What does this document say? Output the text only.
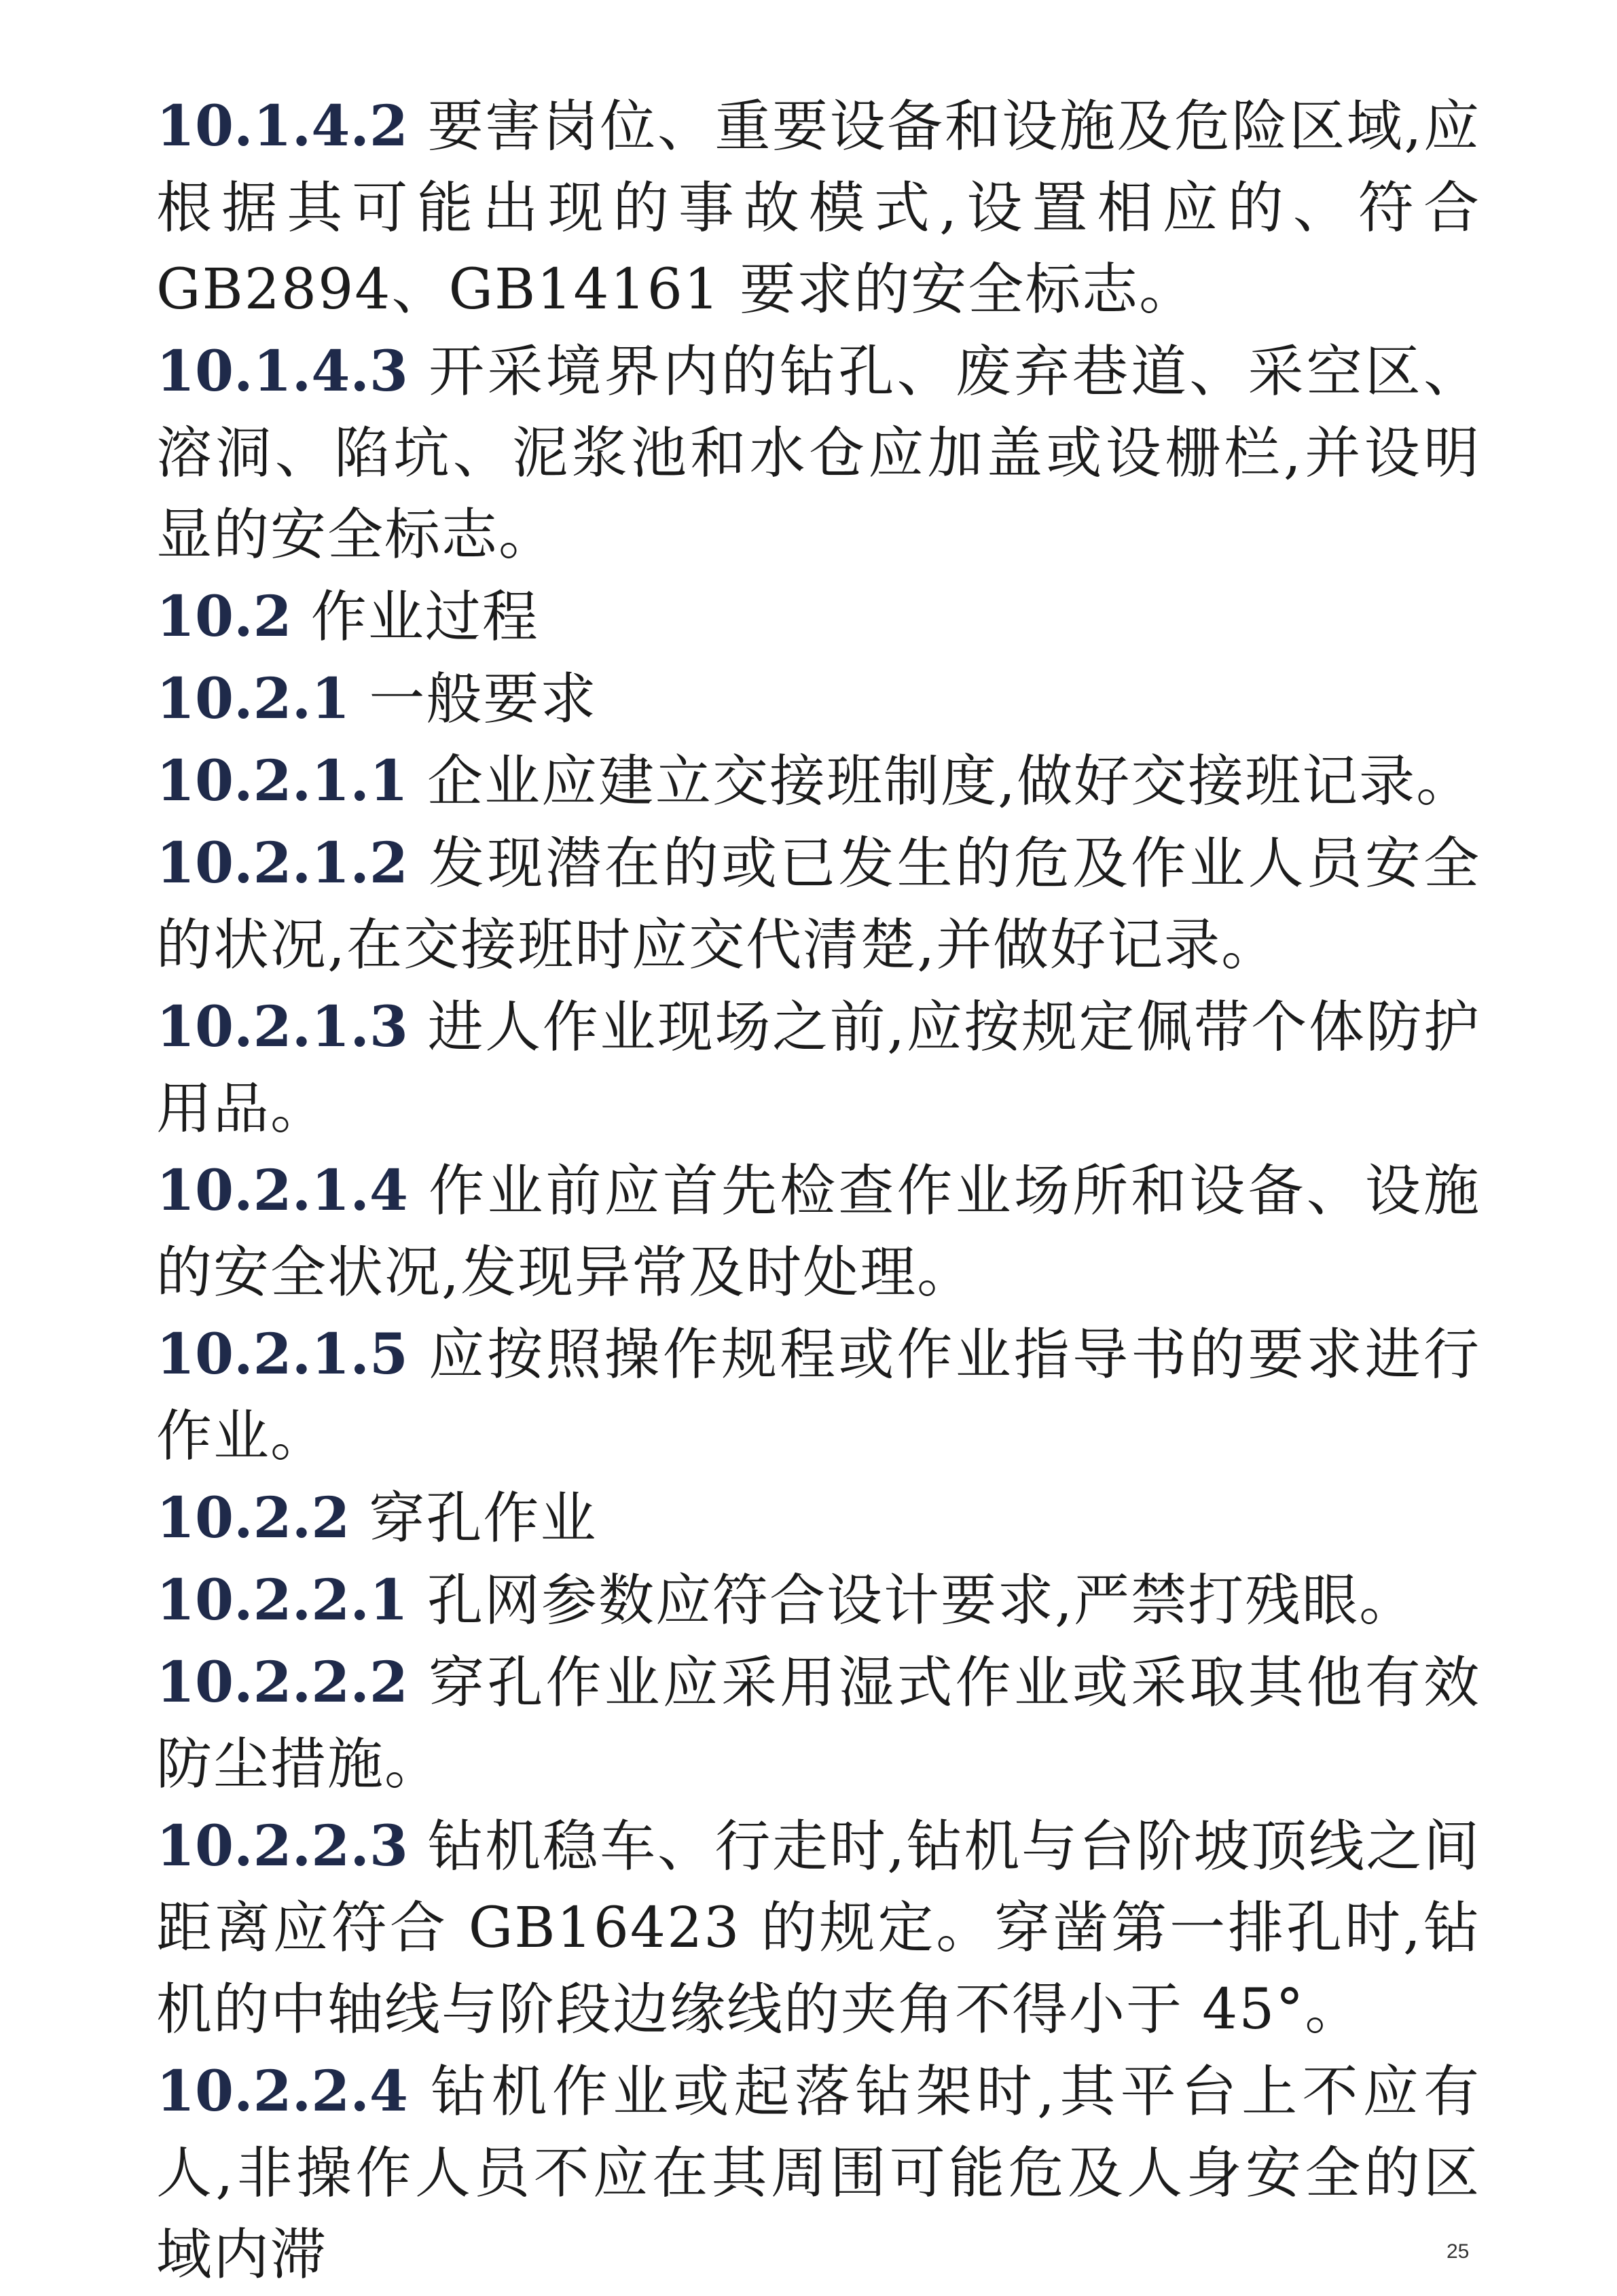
10.1.4.2 要害岗位、重要设备和设施及危险区域,应根据其可能出现的事故模式,设置相应的、符合 GB2894、GB14161 要求的安全标志。

10.1.4.3 开采境界内的钻孔、废弃巷道、采空区、溶洞、陷坑、泥浆池和水仓应加盖或设栅栏,并设明显的安全标志。

10.2 作业过程

10.2.1 一般要求

10.2.1.1 企业应建立交接班制度,做好交接班记录。

10.2.1.2 发现潜在的或已发生的危及作业人员安全的状况,在交接班时应交代清楚,并做好记录。

10.2.1.3 进人作业现场之前,应按规定佩带个体防护用品。

10.2.1.4 作业前应首先检查作业场所和设备、设施的安全状况,发现异常及时处理。

10.2.1.5 应按照操作规程或作业指导书的要求进行作业。

10.2.2 穿孔作业

10.2.2.1 孔网参数应符合设计要求,严禁打残眼。

10.2.2.2 穿孔作业应采用湿式作业或采取其他有效防尘措施。

10.2.2.3 钻机稳车、行走时,钻机与台阶坡顶线之间距离应符合 GB16423 的规定。穿凿第一排孔时,钻机的中轴线与阶段边缘线的夹角不得小于 45°。

10.2.2.4 钻机作业或起落钻架时,其平台上不应有人,非操作人员不应在其周围可能危及人身安全的区域内滞	25
